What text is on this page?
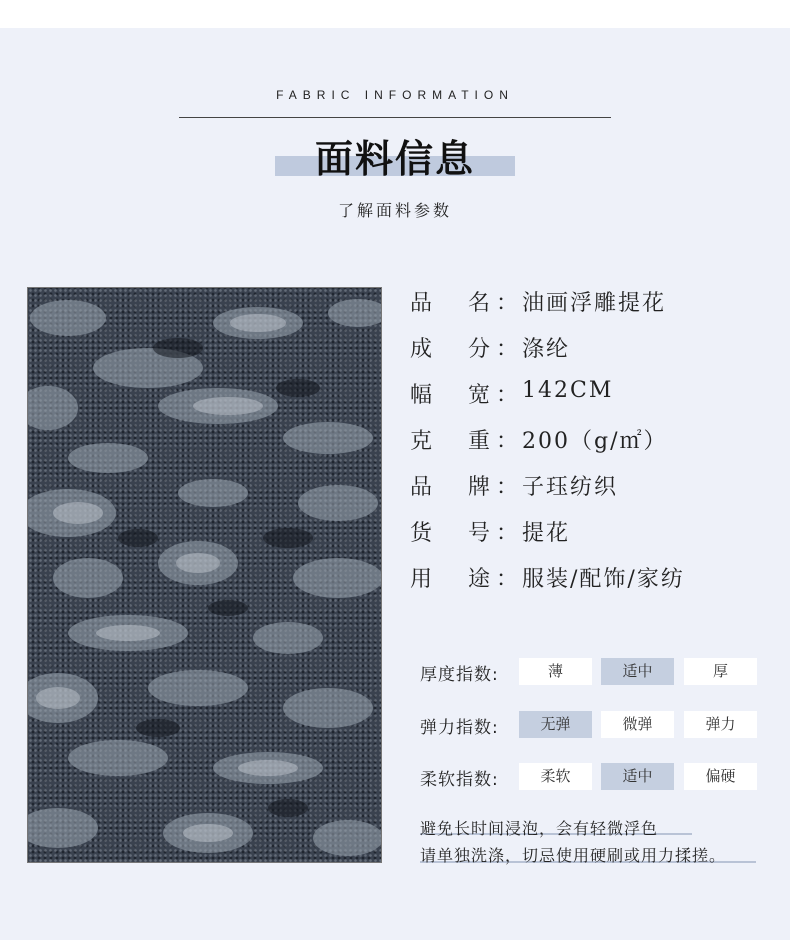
FABRIC INFORMATION
面料信息
了解面料参数
品 名 ： 油画浮雕提花
成 分 ： 涤纶
幅 宽 ： 142CM
克 重 ： 200（g/㎡）
品 牌 ： 子珏纺织
货 号 ： 提花
用 途 ： 服装/配饰/家纺
厚度指数:	薄	适中	厚
弹力指数:	无弹	微弹	弹力
柔软指数:	柔软	适中	偏硬
避免长时间浸泡，会有轻微浮色
请单独洗涤，切忌使用硬刷或用力揉搓。
